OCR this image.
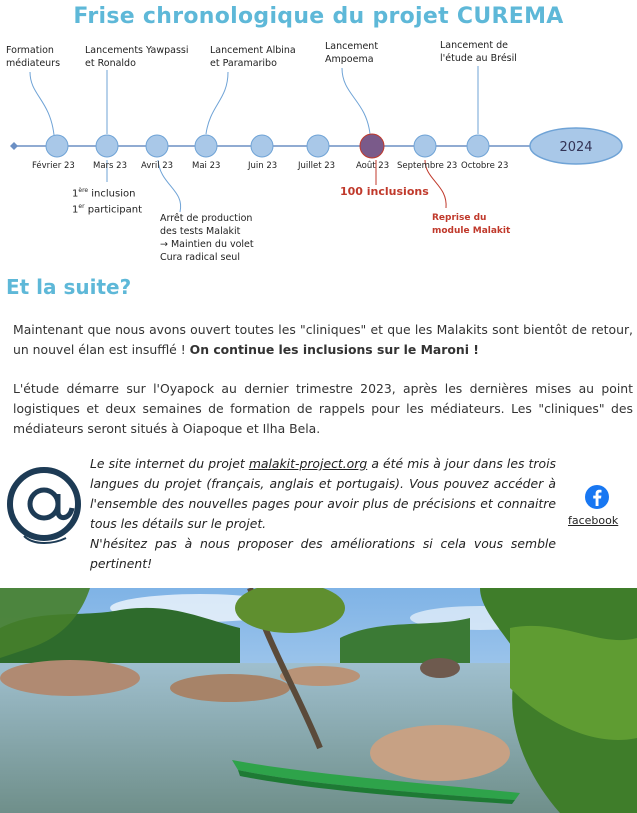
Frise chronologique du projet CUREMA
2024
Formation
médiateurs
Lancements Yawpassi
et Ronaldo
Lancement Albina
et Paramaribo
Lancement
Ampoema
Lancement de
l'étude au Brésil
Février 23 Mars 23 Avril 23 Mai 23	Juin 23 Juillet 23 Août 23 Septembre 23 Octobre 23
1ère inclusion
1er participant
Arrêt de production
des tests Malakit
→ Maintien du volet
Cura radical seul
100 inclusions
Reprise du
module Malakit
Et la suite?
Maintenant que nous avons ouvert toutes les "cliniques" et que les Malakits sont bientôt de retour, un nouvel élan est insufflé ! On continue les inclusions sur le Maroni !
L'étude démarre sur l'Oyapock au dernier trimestre 2023, après les dernières mises au point logistiques et deux semaines de formation de rappels pour les médiateurs. Les "cliniques" des médiateurs seront situés à Oiapoque et Ilha Bela.
Le site internet du projet malakit-project.org a été mis à jour dans les trois langues du projet (français, anglais et portugais). Vous pouvez accéder à l'ensemble des nouvelles pages pour avoir plus de précisions et connaitre tous les détails sur le projet.
N'hésitez pas à nous proposer des améliorations si cela vous semble pertinent!
facebook
